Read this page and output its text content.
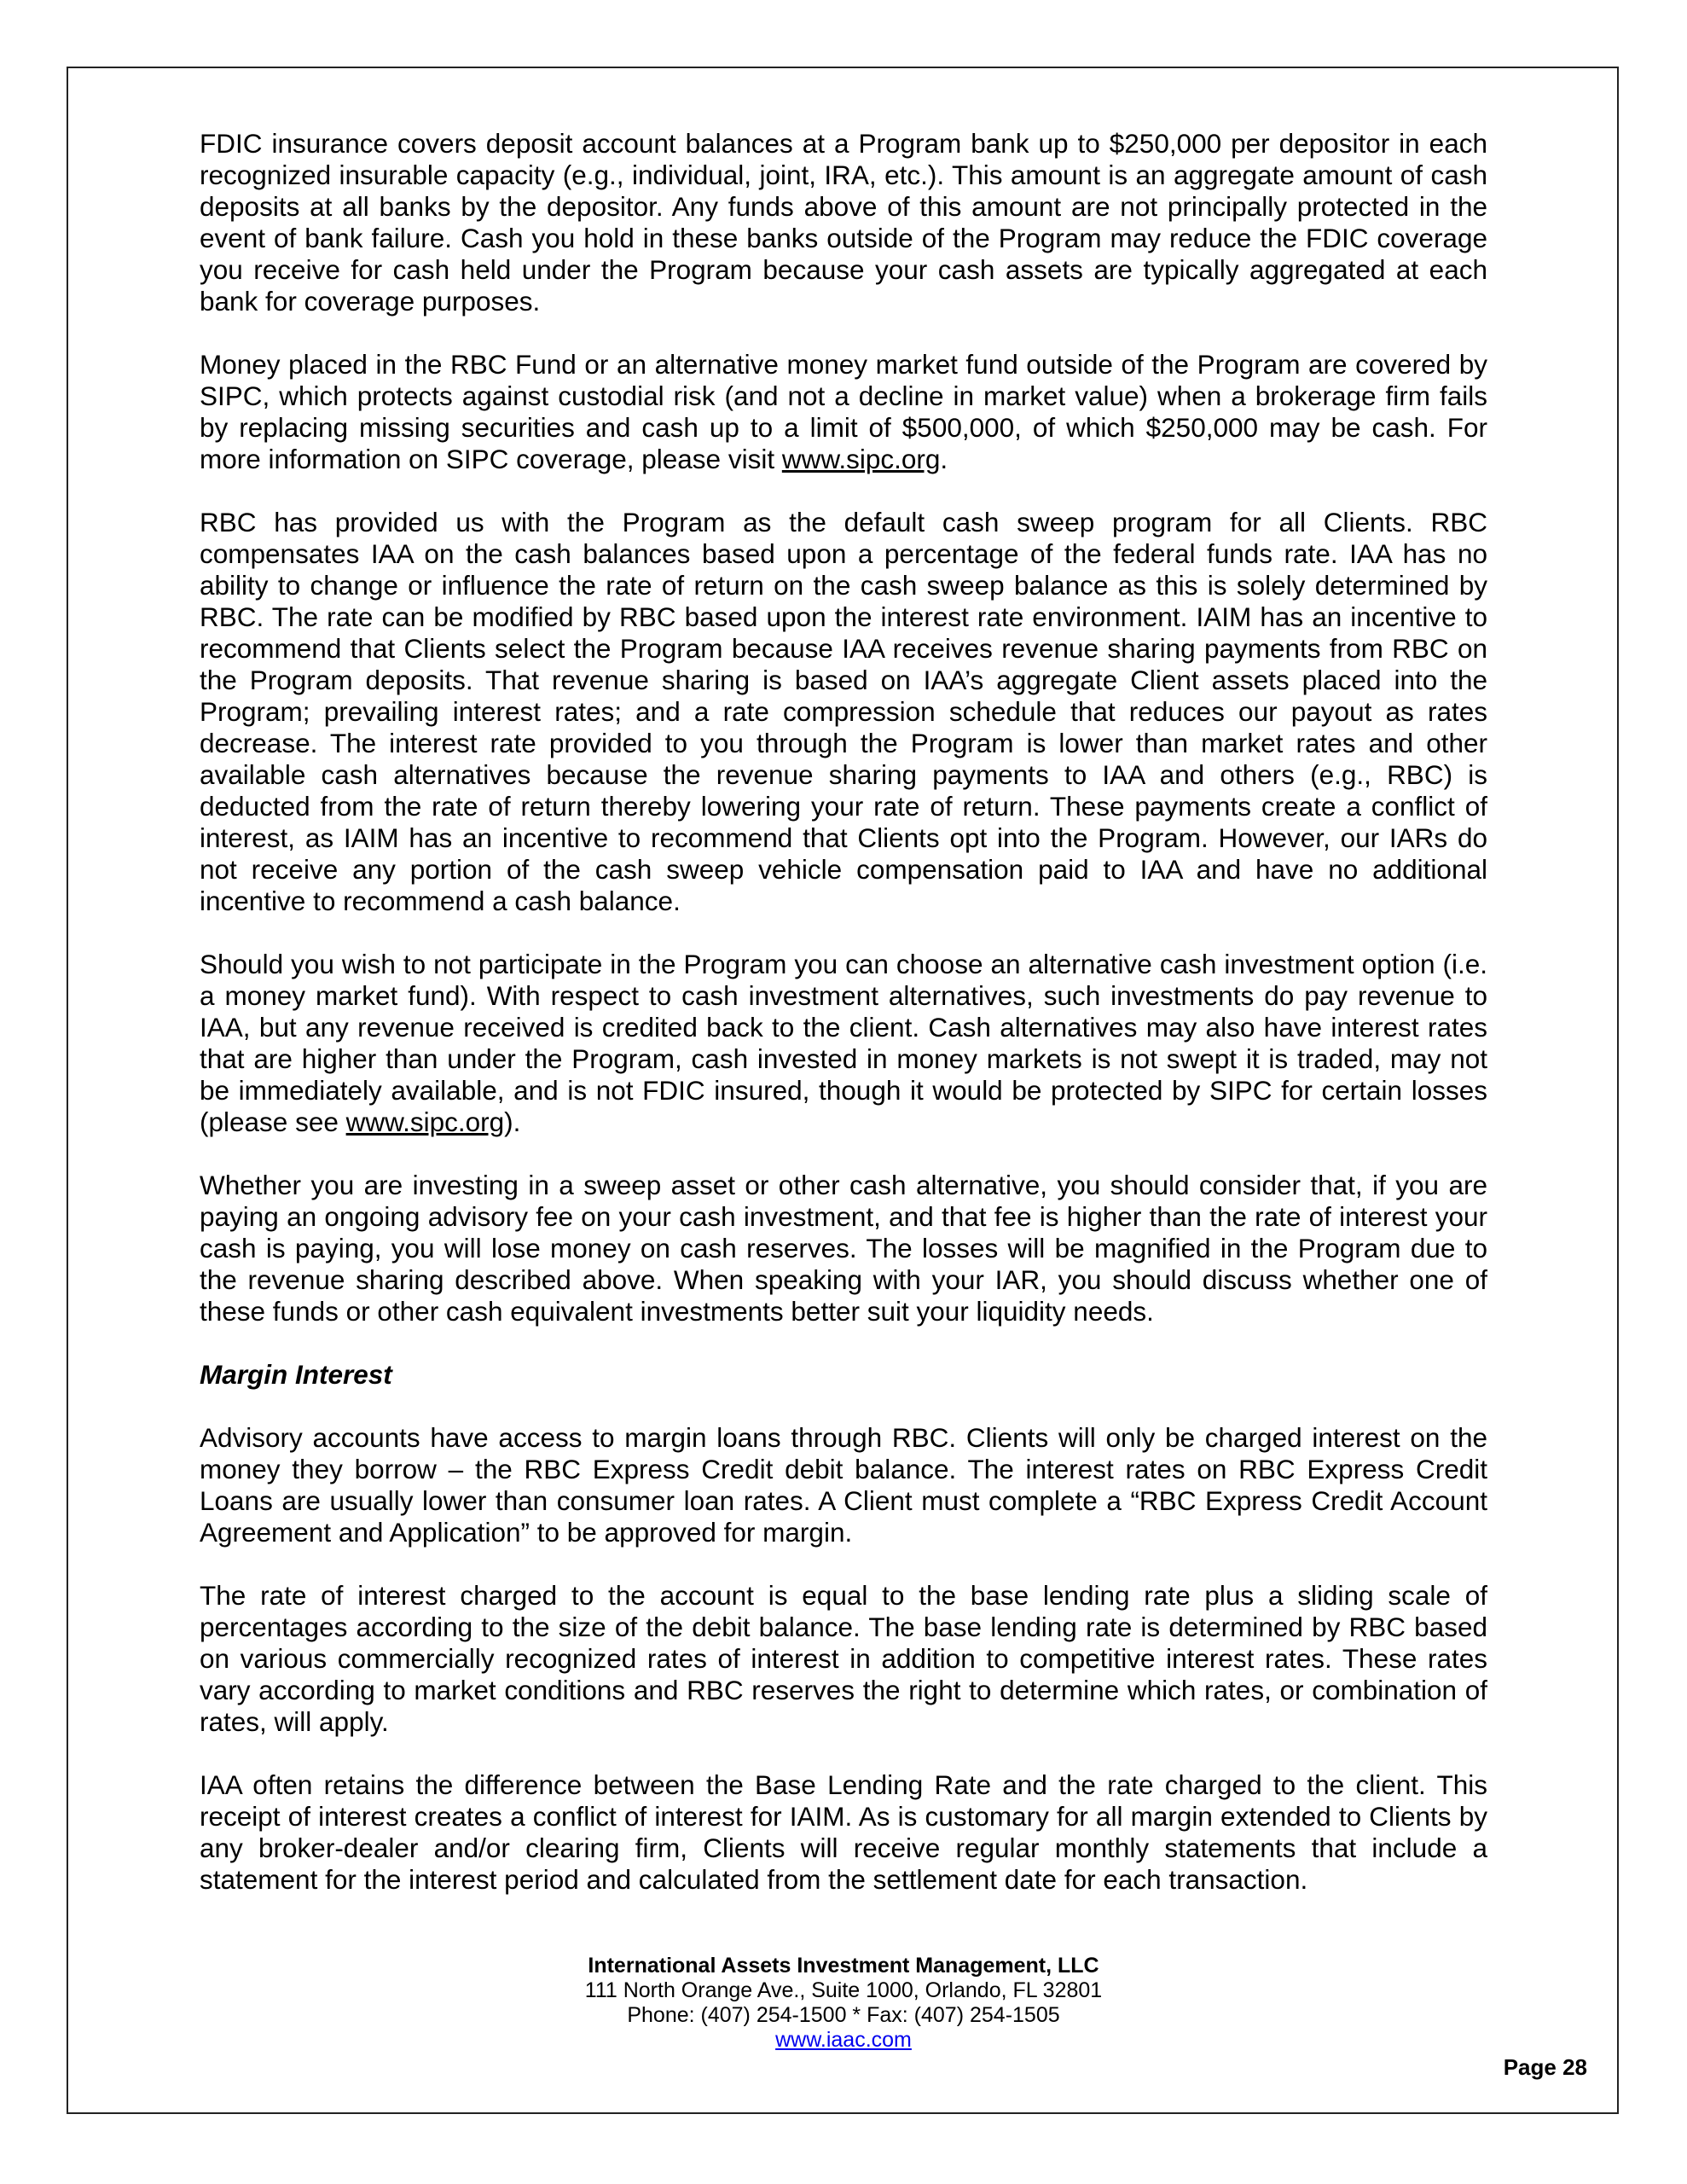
FDIC insurance covers deposit account balances at a Program bank up to $250,000 per depositor in each recognized insurable capacity (e.g., individual, joint, IRA, etc.). This amount is an aggregate amount of cash deposits at all banks by the depositor. Any funds above of this amount are not principally protected in the event of bank failure. Cash you hold in these banks outside of the Program may reduce the FDIC coverage you receive for cash held under the Program because your cash assets are typically aggregated at each bank for coverage purposes.

Money placed in the RBC Fund or an alternative money market fund outside of the Program are covered by SIPC, which protects against custodial risk (and not a decline in market value) when a brokerage firm fails by replacing missing securities and cash up to a limit of $500,000, of which $250,000 may be cash. For more information on SIPC coverage, please visit www.sipc.org.

RBC has provided us with the Program as the default cash sweep program for all Clients. RBC compensates IAA on the cash balances based upon a percentage of the federal funds rate. IAA has no ability to change or influence the rate of return on the cash sweep balance as this is solely determined by RBC. The rate can be modified by RBC based upon the interest rate environment. IAIM has an incentive to recommend that Clients select the Program because IAA receives revenue sharing payments from RBC on the Program deposits. That revenue sharing is based on IAA’s aggregate Client assets placed into the Program; prevailing interest rates; and a rate compression schedule that reduces our payout as rates decrease. The interest rate provided to you through the Program is lower than market rates and other available cash alternatives because the revenue sharing payments to IAA and others (e.g., RBC) is deducted from the rate of return thereby lowering your rate of return. These payments create a conflict of interest, as IAIM has an incentive to recommend that Clients opt into the Program. However, our IARs do not receive any portion of the cash sweep vehicle compensation paid to IAA and have no additional incentive to recommend a cash balance.

Should you wish to not participate in the Program you can choose an alternative cash investment option (i.e. a money market fund). With respect to cash investment alternatives, such investments do pay revenue to IAA, but any revenue received is credited back to the client. Cash alternatives may also have interest rates that are higher than under the Program, cash invested in money markets is not swept it is traded, may not be immediately available, and is not FDIC insured, though it would be protected by SIPC for certain losses (please see www.sipc.org).

Whether you are investing in a sweep asset or other cash alternative, you should consider that, if you are paying an ongoing advisory fee on your cash investment, and that fee is higher than the rate of interest your cash is paying, you will lose money on cash reserves. The losses will be magnified in the Program due to the revenue sharing described above. When speaking with your IAR, you should discuss whether one of these funds or other cash equivalent investments better suit your liquidity needs.

Margin Interest

Advisory accounts have access to margin loans through RBC. Clients will only be charged interest on the money they borrow – the RBC Express Credit debit balance. The interest rates on RBC Express Credit Loans are usually lower than consumer loan rates. A Client must complete a “RBC Express Credit Account Agreement and Application” to be approved for margin.

The rate of interest charged to the account is equal to the base lending rate plus a sliding scale of percentages according to the size of the debit balance. The base lending rate is determined by RBC based on various commercially recognized rates of interest in addition to competitive interest rates. These rates vary according to market conditions and RBC reserves the right to determine which rates, or combination of rates, will apply.

IAA often retains the difference between the Base Lending Rate and the rate charged to the client. This receipt of interest creates a conflict of interest for IAIM. As is customary for all margin extended to Clients by any broker-dealer and/or clearing firm, Clients will receive regular monthly statements that include a statement for the interest period and calculated from the settlement date for each transaction.

International Assets Investment Management, LLC
111 North Orange Ave., Suite 1000, Orlando, FL 32801
Phone: (407) 254-1500 * Fax: (407) 254-1505
www.iaac.com
Page 28
